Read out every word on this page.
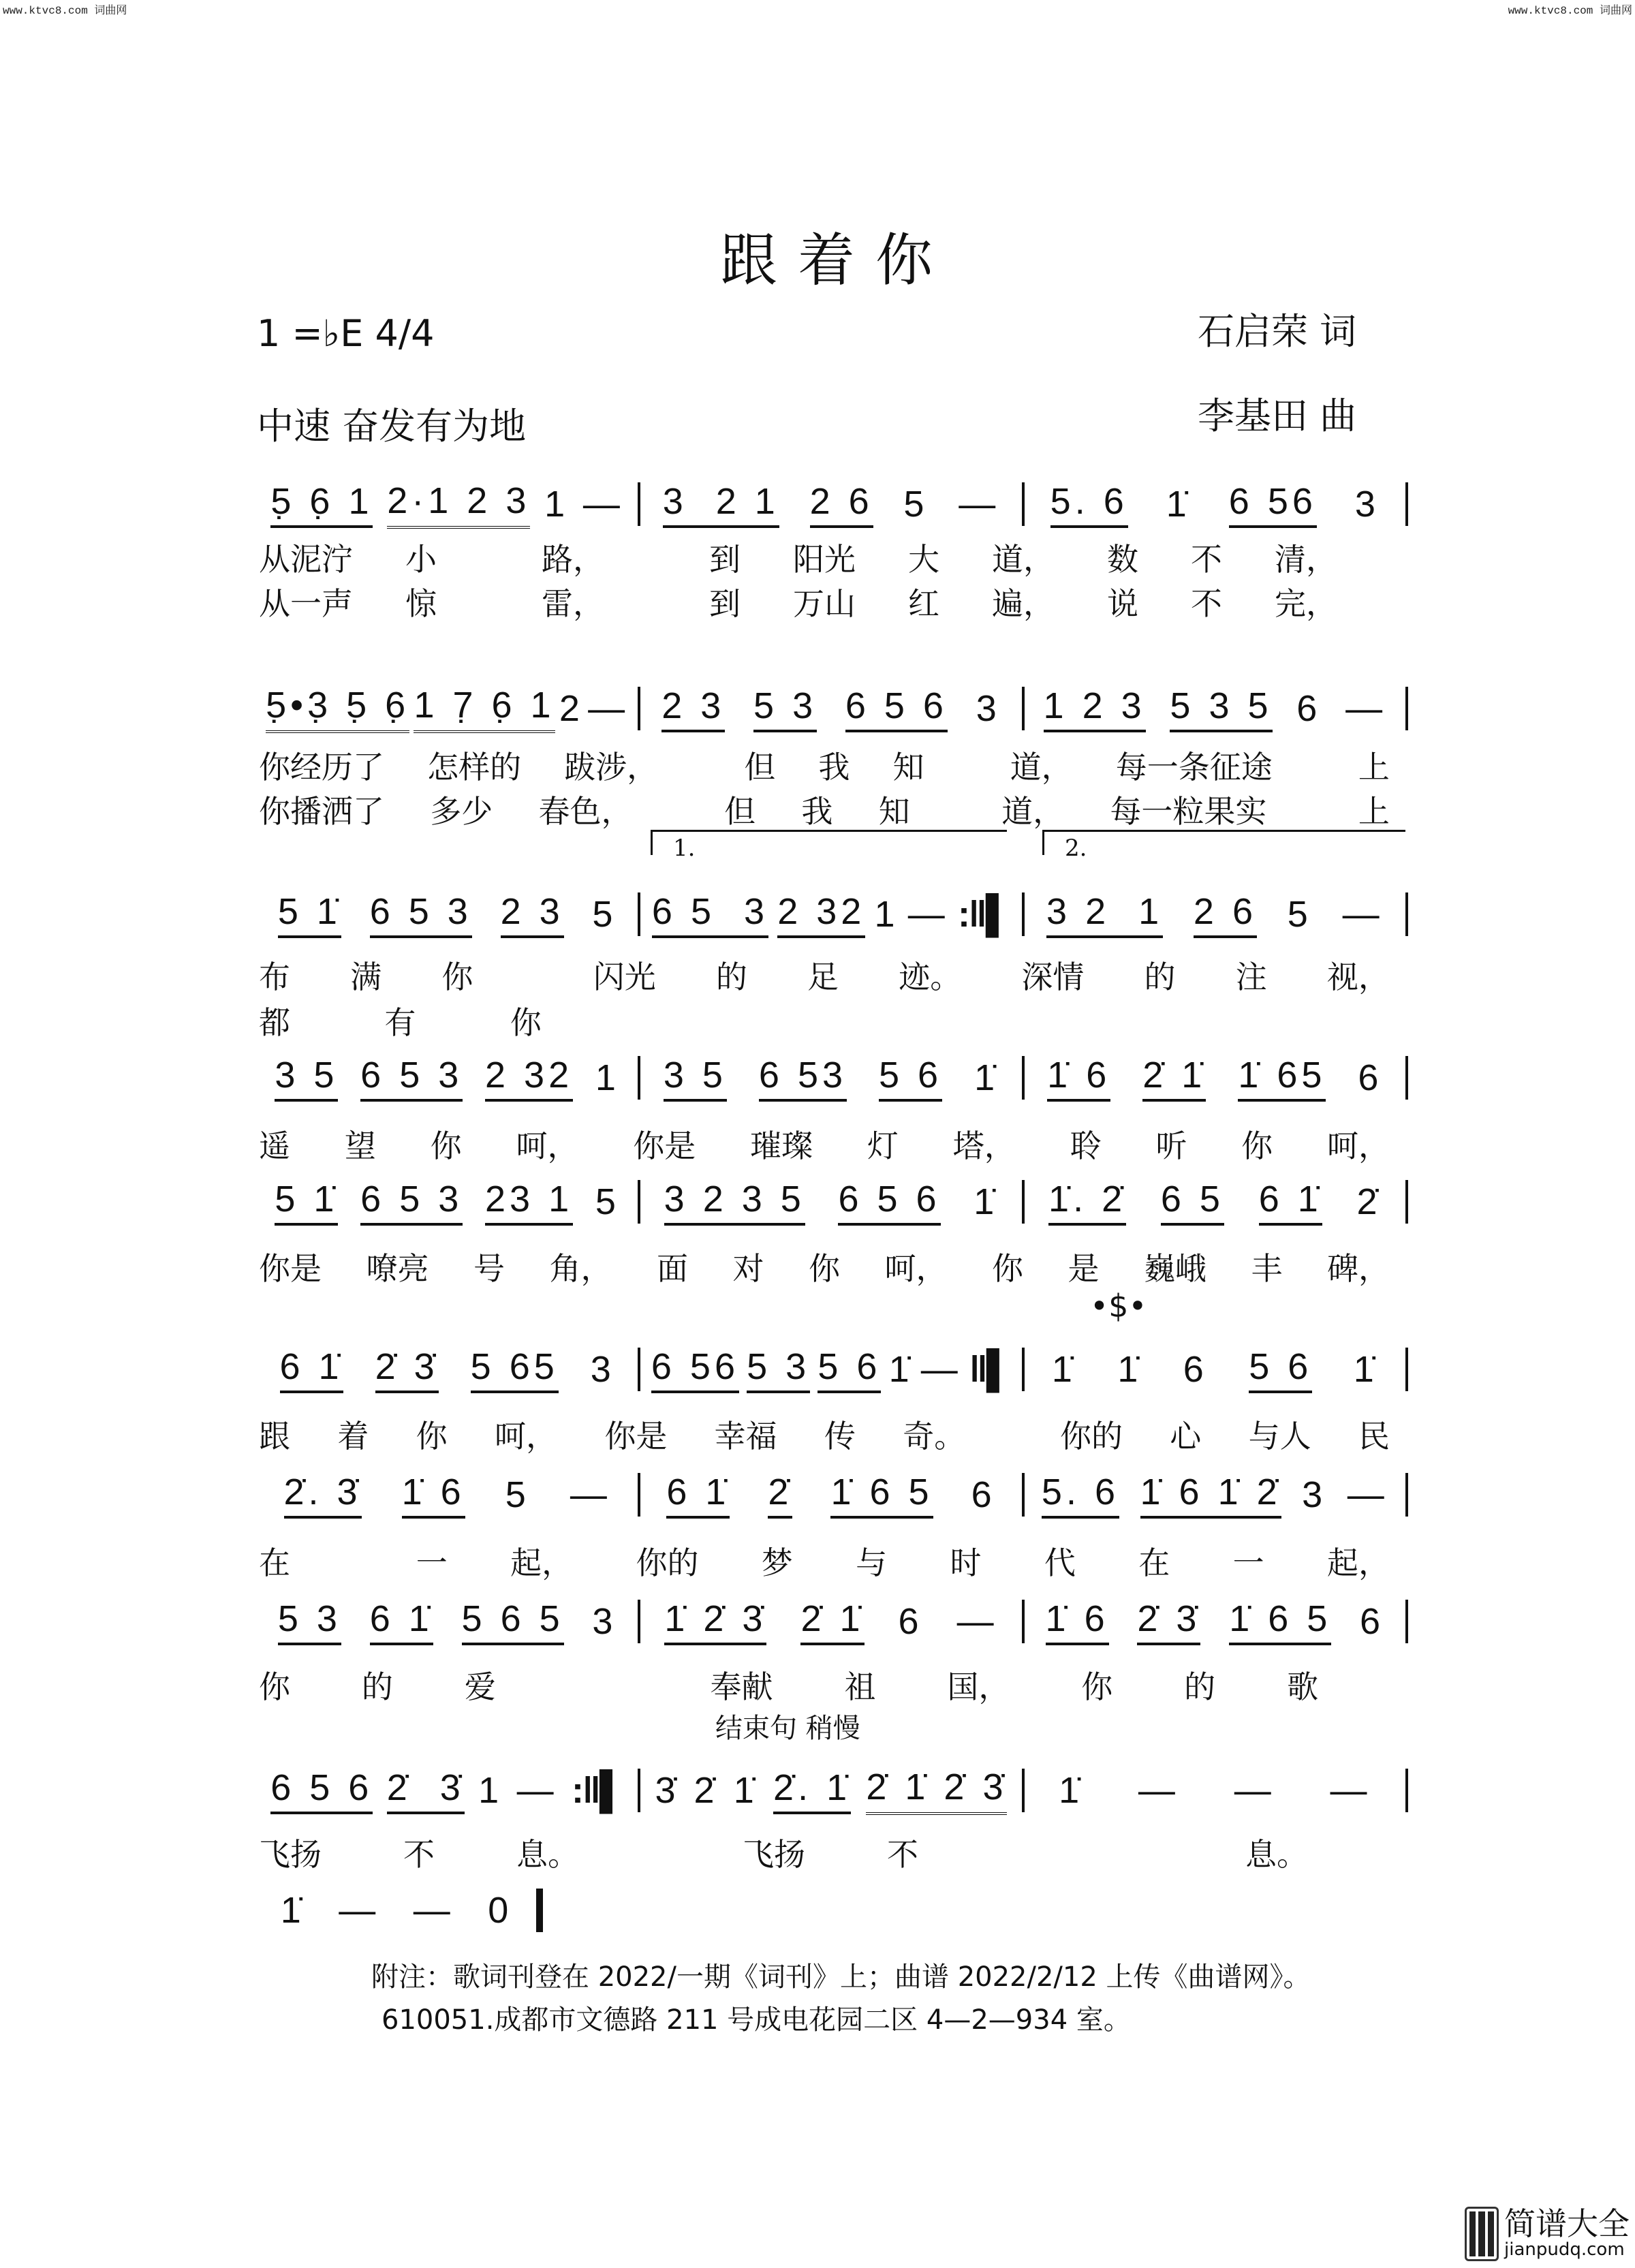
www.ktvc8.com 词曲网	www.ktvc8.com 词曲网
跟着你
1 =♭E 4/4	石启荣 词
中速 奋发有为地	李基田 曲
5̣ 6̣ 1 2·1 2 3 1 — 3  2 1 2 6 5 — 5. 6 1̇ 6 56 3
5̣•3̣ 5̣ 6̣ 1 7̣ 6̣ 1 2 — 2 3 5 3 6 5 6 3 1 2 3 5 3 5 6 —
5 1̇ 6 5 3 2 3 5 6 5  3 2 32 1 — :‖▌ 3 2  1 2 6 5 —
3 5 6 5 3 2 32 1 3 5 6 53 5 6 1̇ 1̇ 6 2̇ 1̇ 1̇ 65 6
5 1̇ 6 5 3 23 1 5 3 2 3 5 6 5 6 1̇ 1̇. 2̇ 6 5 6 1̇ 2̇
6 1̇ 2̇ 3̇ 5 65 3 6 56 5 3 5 6 1̇ — ‖▌ 1̇ 1̇ 6 5 6 1̇
2̇. 3̇ 1̇ 6 5 — 6 1̇ 2̇ 1̇ 6 5 6 5. 6 1̇ 6 1̇ 2̇ 3 —
5 3 6 1̇ 5 6 5 3 1̇ 2̇ 3̇ 2̇ 1̇ 6 — 1̇ 6 2̇ 3̇ 1̇ 6 5 6
6 5 6 2̇  3̇ 1 — :‖▌ 3̇ 2̇ 1̇ 2̇. 1̇ 2̇ 1̇ 2̇ 3̇ 1̇ — — —
1̇ — — 0
从泥泞 小	路，	到 阳光 大 道， 数 不 清，
从一声 惊	雷，	到 万山 红 遍， 说 不 完，
你经历了 怎样的 跋涉，	但 我 知	道， 每一条征途	上
你播洒了 多少 春色，	但 我 知	道， 每一粒果实	上
布 满 你	闪光 的 足 迹。 深情 的 注 视，
都	有	你
遥 望 你 呵， 你是 璀璨 灯 塔， 聆 听 你 呵，
你是 嘹亮 号 角， 面 对 你 呵， 你 是 巍峨 丰 碑，
跟 着 你 呵， 你是 幸福 传 奇。	你的 心 与人 民
在	一 起， 你的 梦 与 时 代 在 一 起，
你 的 爱	奉献 祖 国， 你 的 歌
飞扬	不	息。	飞扬	不	息。
1.	2.
•$•
结束句 稍慢
附注：歌词刊登在 2022/一期《词刊》上；曲谱 2022/2/12 上传《曲谱网》。
610051.成都市文德路 211 号成电花园二区 4—2—934 室。
简谱大全
jianpudq.com
